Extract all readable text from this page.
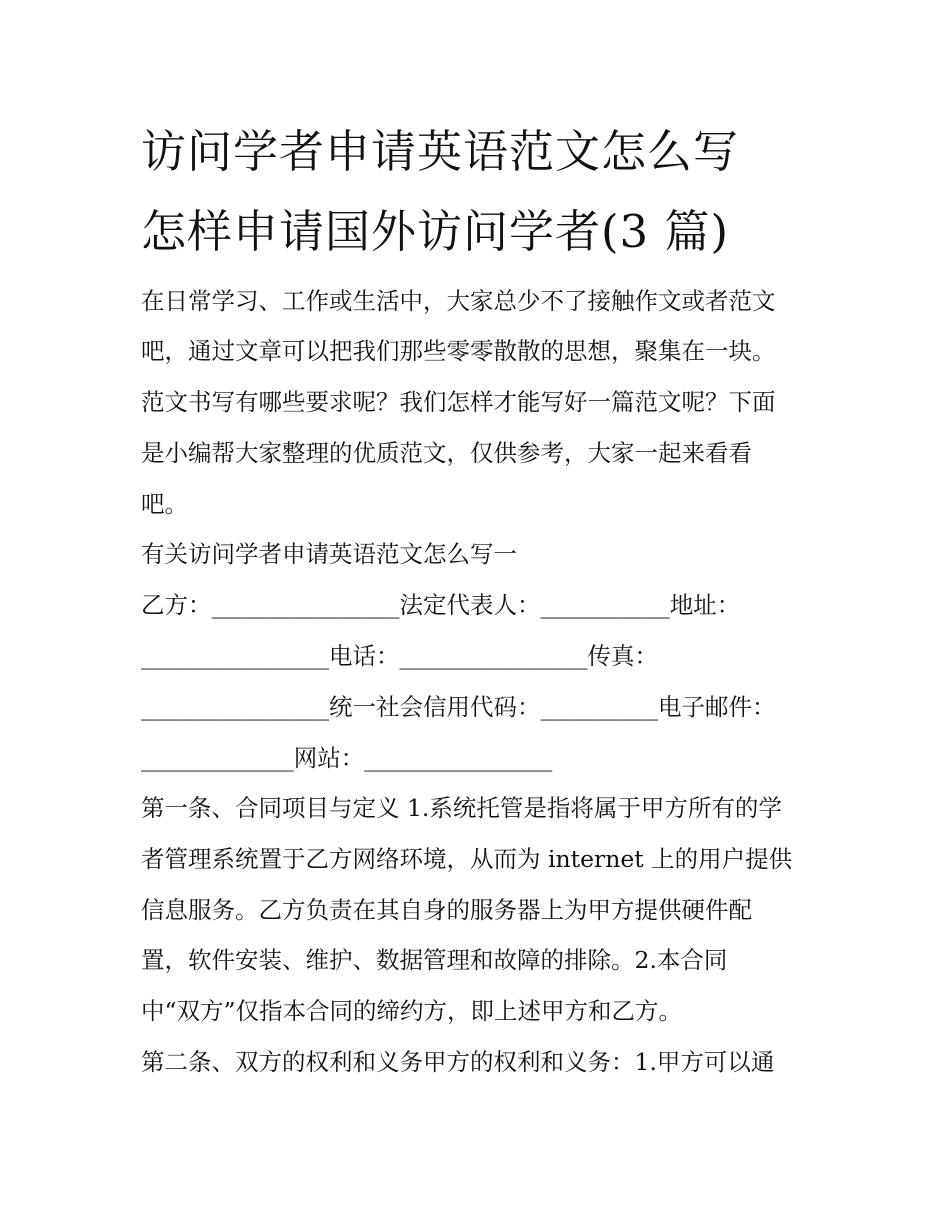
访问学者申请英语范文怎么写
怎样申请国外访问学者(3 篇)

在日常学习、工作或生活中，大家总少不了接触作文或者范文

吧，通过文章可以把我们那些零零散散的思想，聚集在一块。

范文书写有哪些要求呢？我们怎样才能写好一篇范文呢？下面

是小编帮大家整理的优质范文，仅供参考，大家一起来看看

吧。

有关访问学者申请英语范文怎么写一

乙方：________________法定代表人：___________地址：

________________电话：________________传真：

________________统一社会信用代码：__________电子邮件：

_____________网站：________________

第一条、合同项目与定义 1.系统托管是指将属于甲方所有的学

者管理系统置于乙方网络环境，从而为 internet 上的用户提供

信息服务。乙方负责在其自身的服务器上为甲方提供硬件配

置，软件安装、维护、数据管理和故障的排除。2.本合同

中“双方”仅指本合同的缔约方，即上述甲方和乙方。

第二条、双方的权利和义务甲方的权利和义务：1.甲方可以通
